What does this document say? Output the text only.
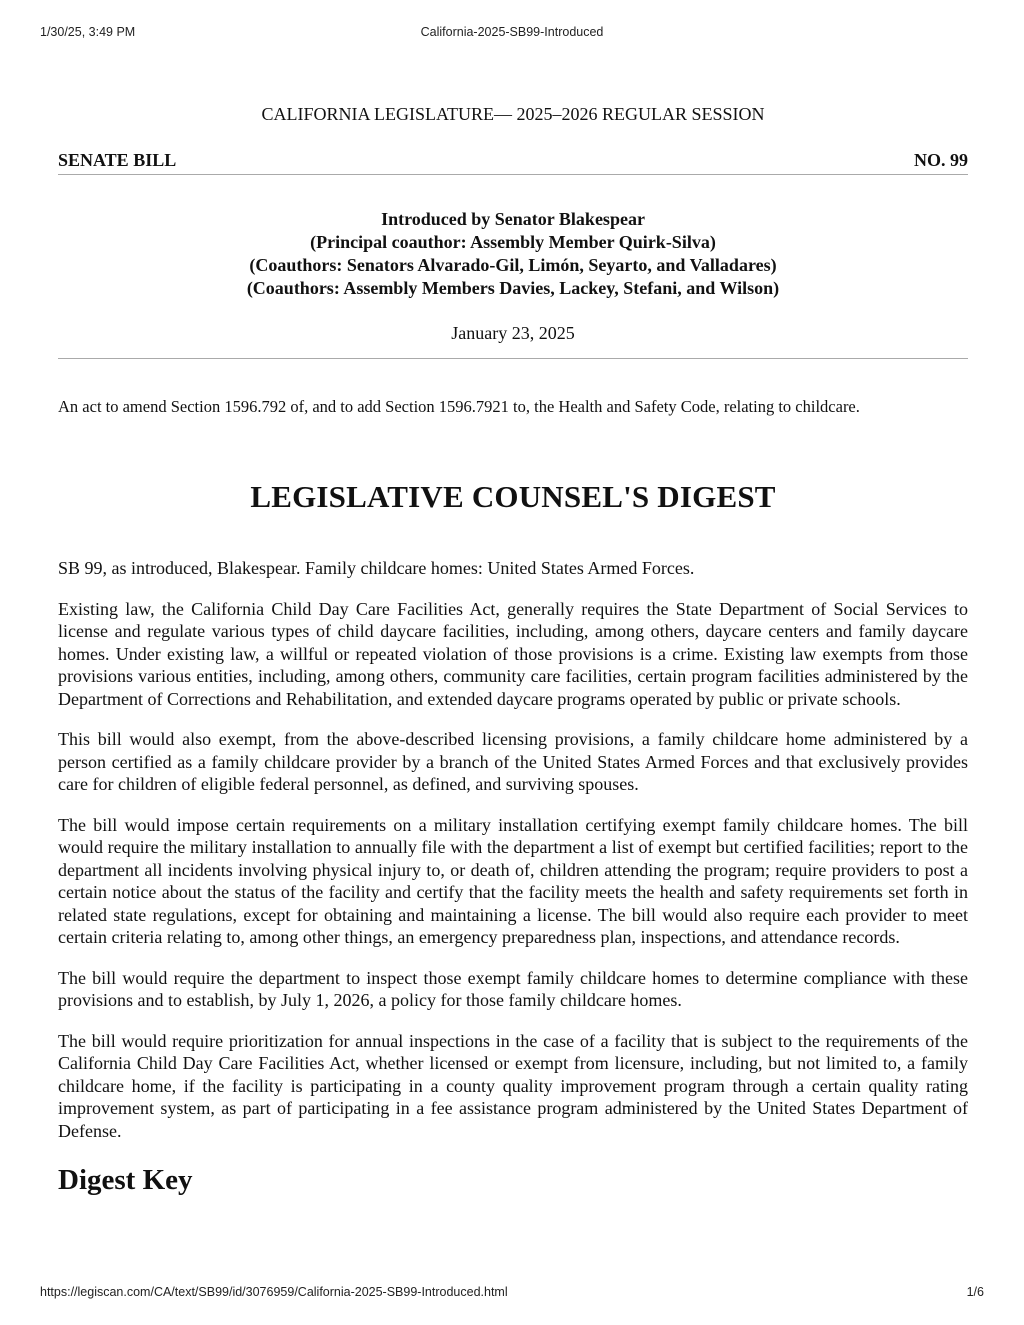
1/30/25, 3:49 PM	California-2025-SB99-Introduced
CALIFORNIA LEGISLATURE— 2025–2026 REGULAR SESSION
SENATE BILL	NO. 99
Introduced by Senator Blakespear
(Principal coauthor: Assembly Member Quirk-Silva)
(Coauthors: Senators Alvarado-Gil, Limón, Seyarto, and Valladares)
(Coauthors: Assembly Members Davies, Lackey, Stefani, and Wilson)
January 23, 2025
An act to amend Section 1596.792 of, and to add Section 1596.7921 to, the Health and Safety Code, relating to childcare.
LEGISLATIVE COUNSEL'S DIGEST

SB 99, as introduced, Blakespear. Family childcare homes: United States Armed Forces.

Existing law, the California Child Day Care Facilities Act, generally requires the State Department of Social Services to license and regulate various types of child daycare facilities, including, among others, daycare centers and family daycare homes. Under existing law, a willful or repeated violation of those provisions is a crime. Existing law exempts from those provisions various entities, including, among others, community care facilities, certain program facilities administered by the Department of Corrections and Rehabilitation, and extended daycare programs operated by public or private schools.

This bill would also exempt, from the above-described licensing provisions, a family childcare home administered by a person certified as a family childcare provider by a branch of the United States Armed Forces and that exclusively provides care for children of eligible federal personnel, as defined, and surviving spouses.

The bill would impose certain requirements on a military installation certifying exempt family childcare homes. The bill would require the military installation to annually file with the department a list of exempt but certified facilities; report to the department all incidents involving physical injury to, or death of, children attending the program; require providers to post a certain notice about the status of the facility and certify that the facility meets the health and safety requirements set forth in related state regulations, except for obtaining and maintaining a license. The bill would also require each provider to meet certain criteria relating to, among other things, an emergency preparedness plan, inspections, and attendance records.

The bill would require the department to inspect those exempt family childcare homes to determine compliance with these provisions and to establish, by July 1, 2026, a policy for those family childcare homes.

The bill would require prioritization for annual inspections in the case of a facility that is subject to the requirements of the California Child Day Care Facilities Act, whether licensed or exempt from licensure, including, but not limited to, a family childcare home, if the facility is participating in a county quality improvement program through a certain quality rating improvement system, as part of participating in a fee assistance program administered by the United States Department of Defense.

Digest Key
https://legiscan.com/CA/text/SB99/id/3076959/California-2025-SB99-Introduced.html	1/6
